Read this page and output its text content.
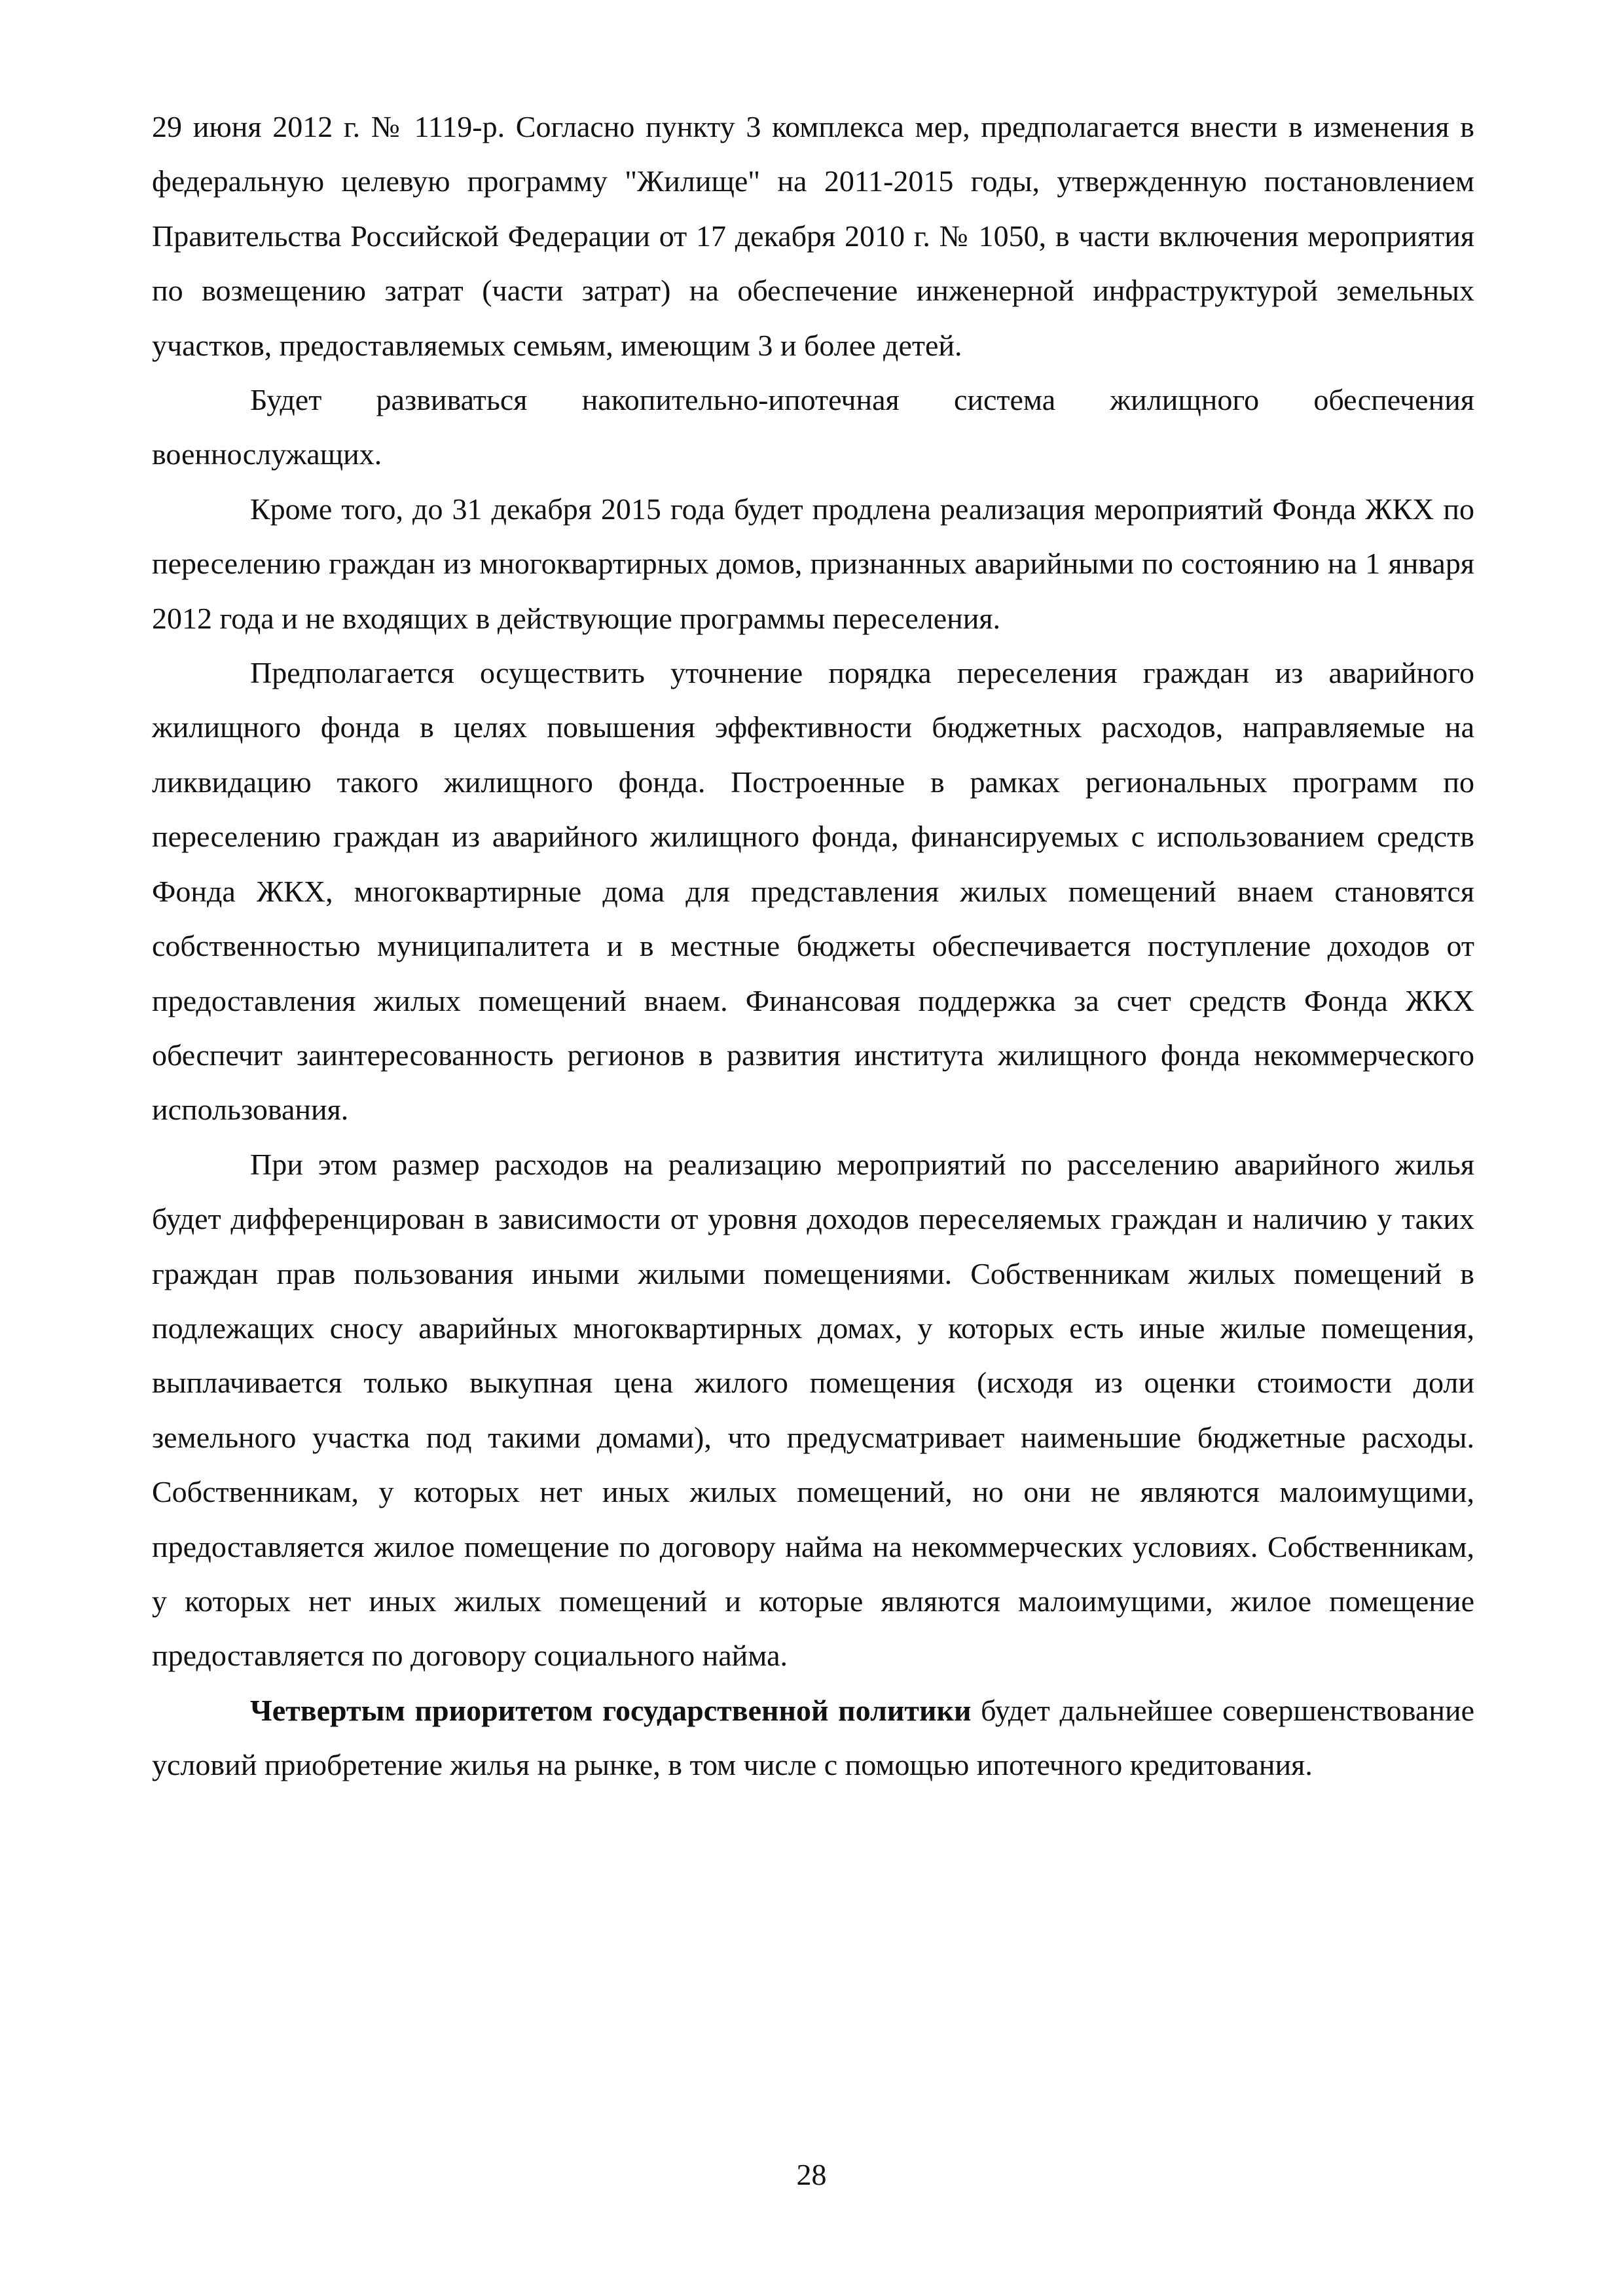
29 июня 2012 г. № 1119-р. Согласно пункту 3 комплекса мер, предполагается внести в изменения в федеральную целевую программу "Жилище" на 2011-2015 годы, утвержденную постановлением Правительства Российской Федерации от 17 декабря 2010 г. № 1050, в части включения мероприятия по возмещению затрат (части затрат) на обеспечение инженерной инфраструктурой земельных участков, предоставляемых семьям, имеющим 3 и более детей.

Будет развиваться накопительно-ипотечная система жилищного обеспечения военнослужащих.

Кроме того, до 31 декабря 2015 года будет продлена реализация мероприятий Фонда ЖКХ по переселению граждан из многоквартирных домов, признанных аварийными по состоянию на 1 января 2012 года и не входящих в действующие программы переселения.

Предполагается осуществить уточнение порядка переселения граждан из аварийного жилищного фонда в целях повышения эффективности бюджетных расходов, направляемые на ликвидацию такого жилищного фонда. Построенные в рамках региональных программ по переселению граждан из аварийного жилищного фонда, финансируемых с использованием средств Фонда ЖКХ, многоквартирные дома для представления жилых помещений внаем становятся собственностью муниципалитета и в местные бюджеты обеспечивается поступление доходов от предоставления жилых помещений внаем. Финансовая поддержка за счет средств Фонда ЖКХ обеспечит заинтересованность регионов в развития института жилищного фонда некоммерческого использования.

При этом размер расходов на реализацию мероприятий по расселению аварийного жилья будет дифференцирован в зависимости от уровня доходов переселяемых граждан и наличию у таких граждан прав пользования иными жилыми помещениями. Собственникам жилых помещений в подлежащих сносу аварийных многоквартирных домах, у которых есть иные жилые помещения, выплачивается только выкупная цена жилого помещения (исходя из оценки стоимости доли земельного участка под такими домами), что предусматривает наименьшие бюджетные расходы. Собственникам, у которых нет иных жилых помещений, но они не являются малоимущими, предоставляется жилое помещение по договору найма на некоммерческих условиях. Собственникам, у которых нет иных жилых помещений и которые являются малоимущими, жилое помещение предоставляется по договору социального найма.

Четвертым приоритетом государственной политики будет дальнейшее совершенствование условий приобретение жилья на рынке, в том числе с помощью ипотечного кредитования.

28
